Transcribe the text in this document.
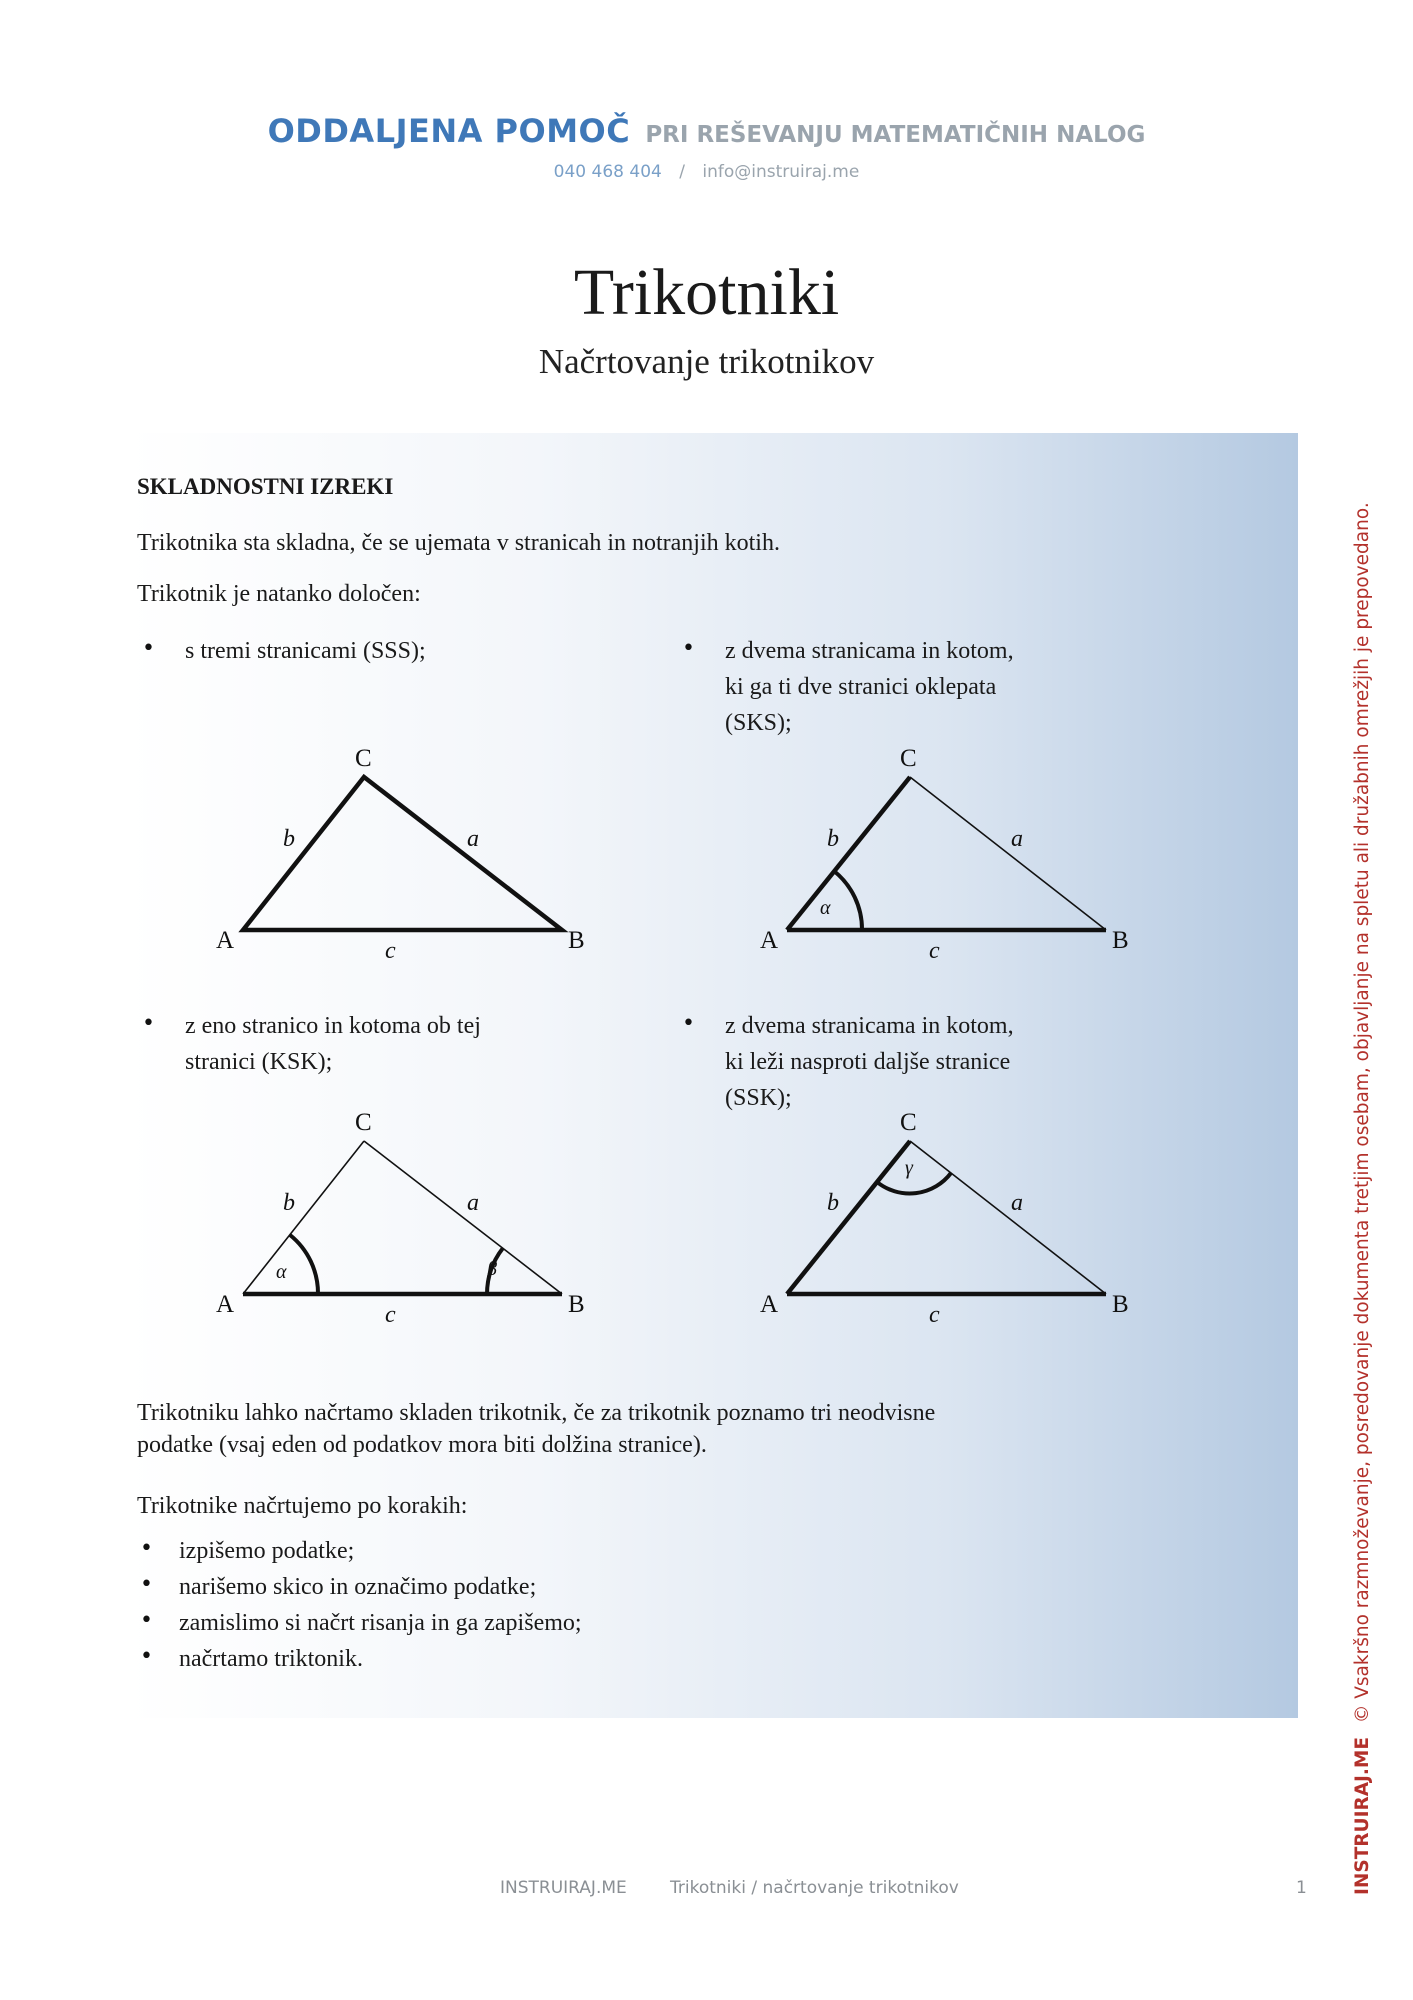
ODDALJENA POMOČ PRI REŠEVANJU MATEMATIČNIH NALOG
040 468 404 / info@instruiraj.me
Trikotniki
Načrtovanje trikotnikov
SKLADNOSTNI IZREKI
Trikotnika sta skladna, če se ujemata v stranicah in notranjih kotih.
Trikotnik je natanko določen:
• s tremi stranicami (SSS);	• z dvema stranicama in kotom,
ki ga ti dve stranici oklepata
(SKS);
• z eno stranico in kotoma ob tej
stranici (KSK);
• z dvema stranicama in kotom,
ki leži nasproti daljše stranice
(SSK);
C
A	B
b	a
c
α
C
A	B
b	a
c
α	β
C
A	B
b	a
c
γ
C
A	B
b	a
c
Trikotniku lahko načrtamo skladen trikotnik, če za trikotnik poznamo tri neodvisne
podatke (vsaj eden od podatkov mora biti dolžina stranice).
Trikotnike načrtujemo po korakih:
• izpišemo podatke;
• narišemo skico in označimo podatke;
• zamislimo si načrt risanja in ga zapišemo;
• načrtamo triktonik.
INSTRUIRAJ.ME	Trikotniki / načrtovanje trikotnikov	1 INSTRUIRAJ.ME © Vsakršno razmnoževanje, posredovanje dokumenta tretjim osebam, objavljanje na spletu ali družabnih omrežjih je prepovedano.
